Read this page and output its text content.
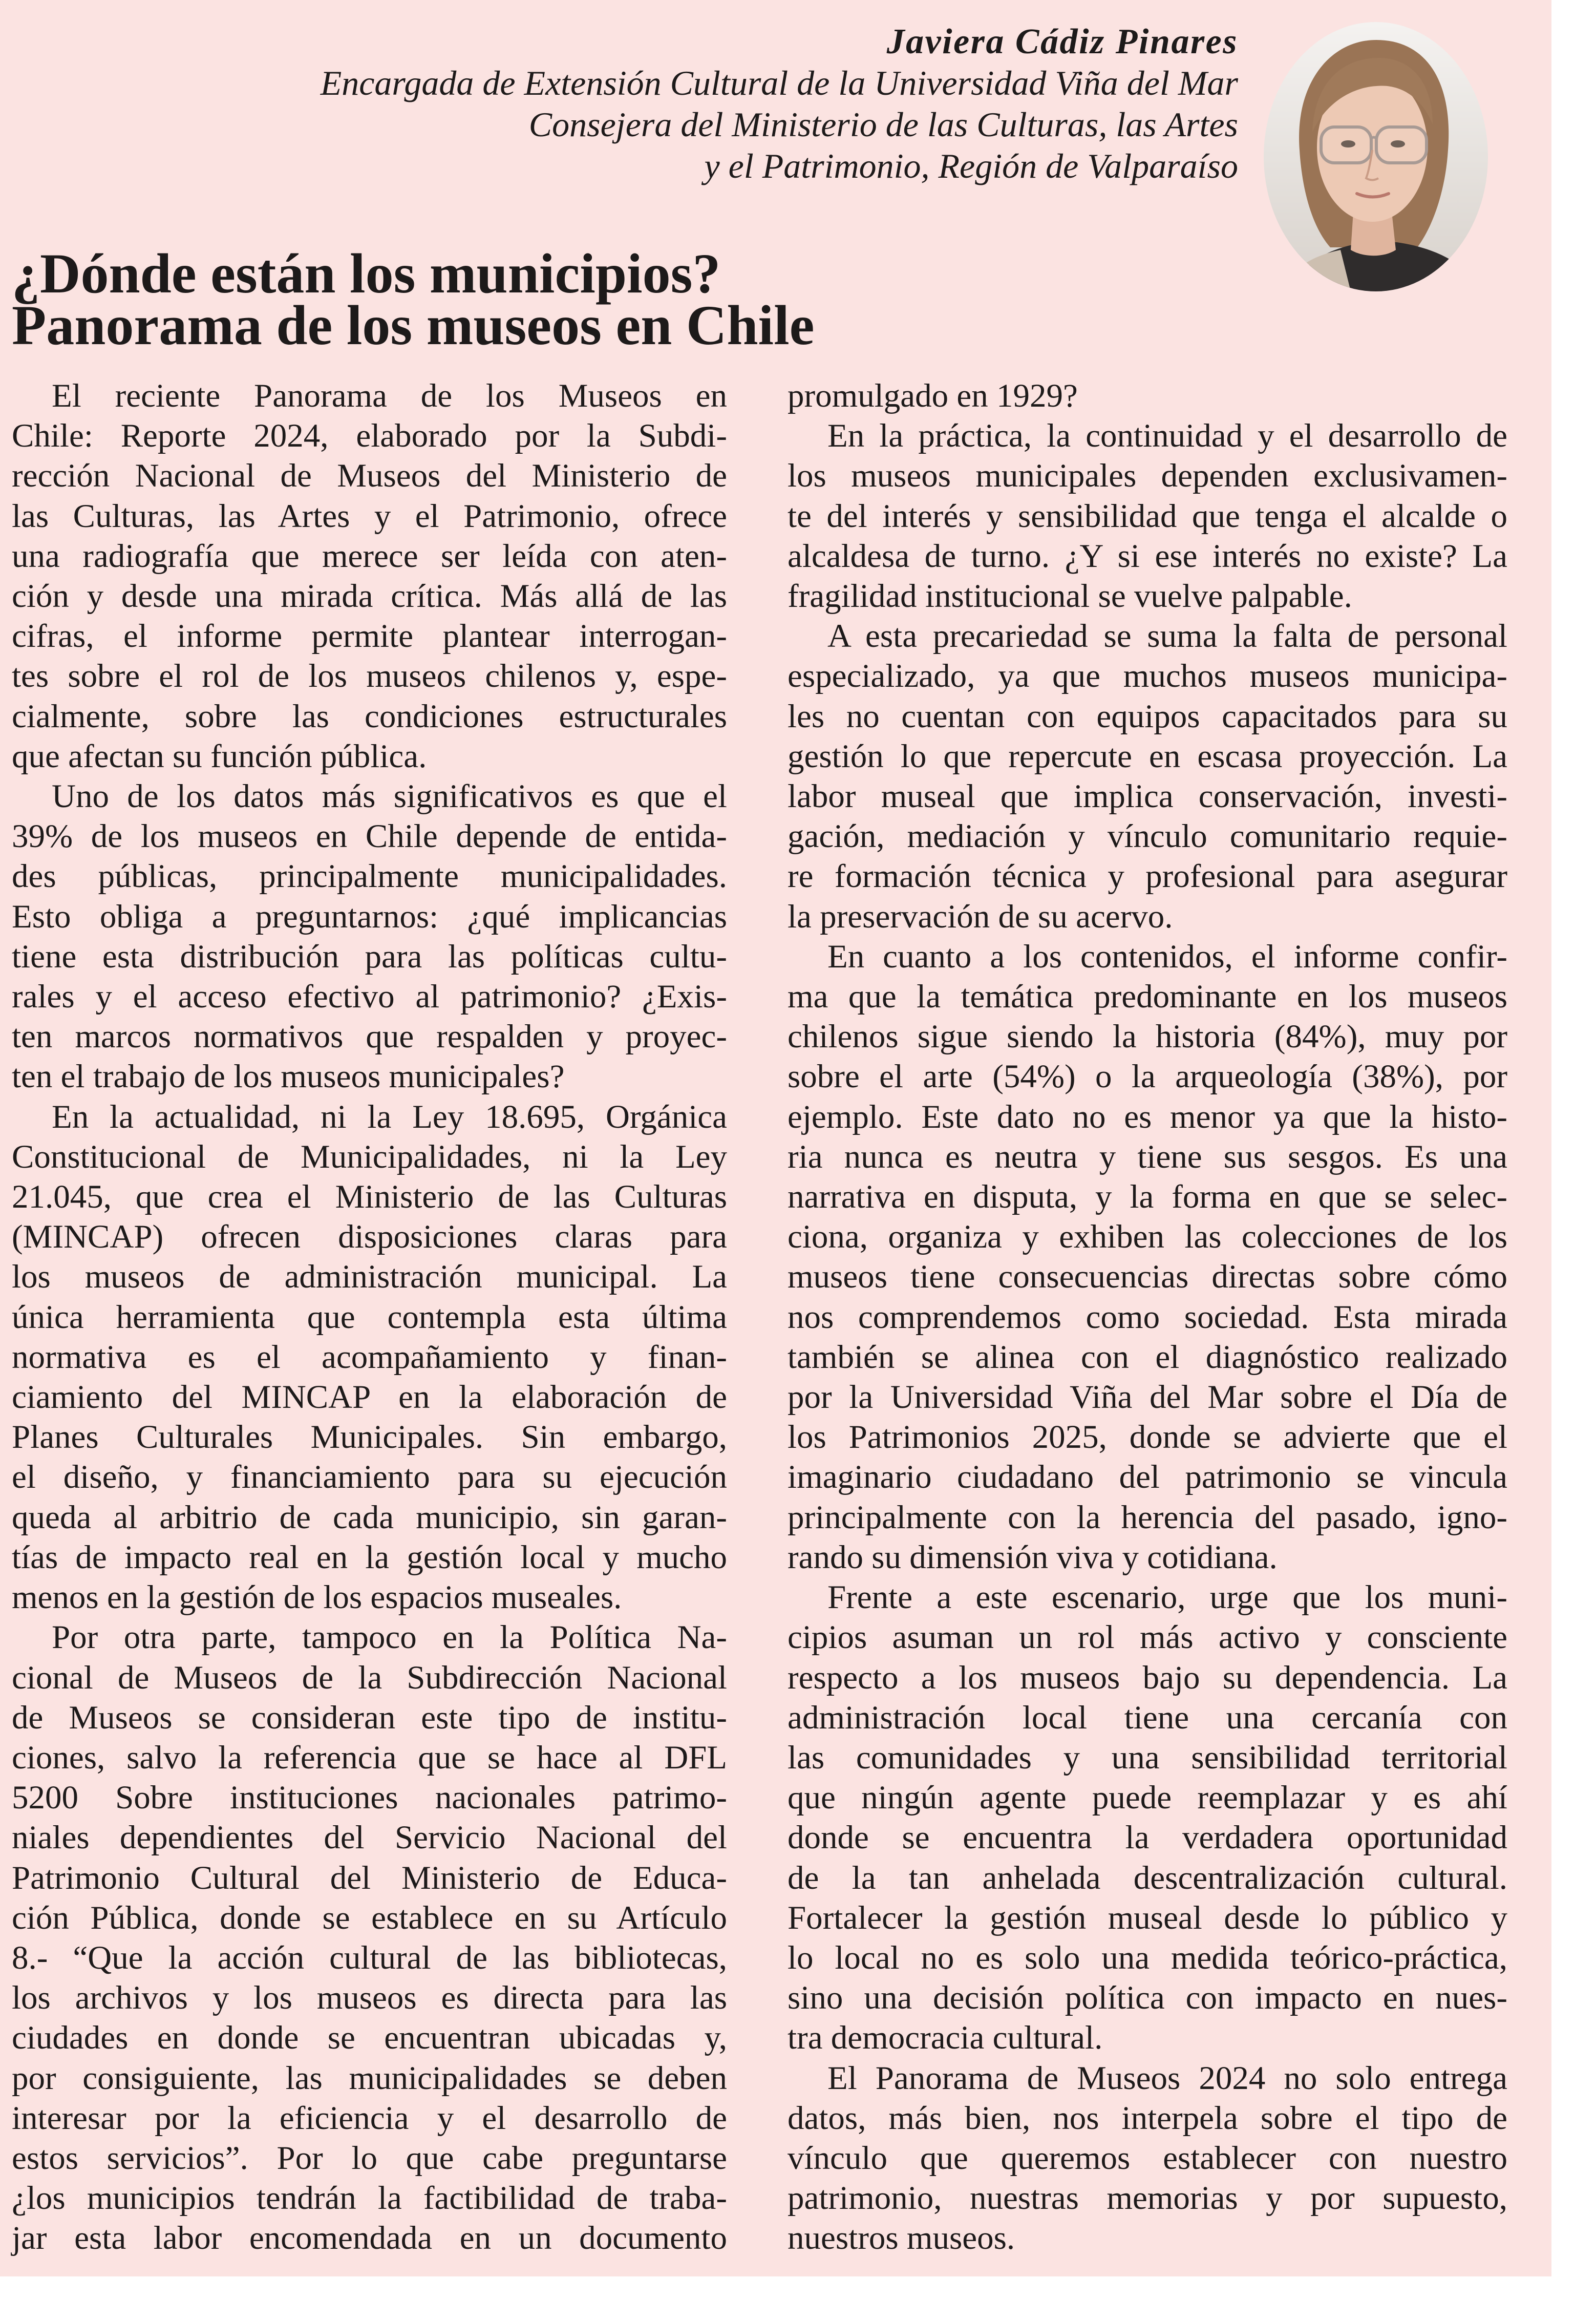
Javiera Cádiz Pinares
Encargada de Extensión Cultural de la Universidad Viña del Mar
Consejera del Ministerio de las Culturas, las Artes
y el Patrimonio, Región de Valparaíso
¿Dónde están los municipios?
Panorama de los museos en Chile
El reciente Panorama de los Museos en
Chile: Reporte 2024, elaborado por la Subdi-
rección Nacional de Museos del Ministerio de
las Culturas, las Artes y el Patrimonio, ofrece
una radiografía que merece ser leída con aten-
ción y desde una mirada crítica. Más allá de las
cifras, el informe permite plantear interrogan-
tes sobre el rol de los museos chilenos y, espe-
cialmente, sobre las condiciones estructurales
que afectan su función pública.
Uno de los datos más significativos es que el
39% de los museos en Chile depende de entida-
des públicas, principalmente municipalidades.
Esto obliga a preguntarnos: ¿qué implicancias
tiene esta distribución para las políticas cultu-
rales y el acceso efectivo al patrimonio? ¿Exis-
ten marcos normativos que respalden y proyec-
ten el trabajo de los museos municipales?
En la actualidad, ni la Ley 18.695, Orgánica
Constitucional de Municipalidades, ni la Ley
21.045, que crea el Ministerio de las Culturas
(MINCAP) ofrecen disposiciones claras para
los museos de administración municipal. La
única herramienta que contempla esta última
normativa es el acompañamiento y finan-
ciamiento del MINCAP en la elaboración de
Planes Culturales Municipales. Sin embargo,
el diseño, y financiamiento para su ejecución
queda al arbitrio de cada municipio, sin garan-
tías de impacto real en la gestión local y mucho
menos en la gestión de los espacios museales.
Por otra parte, tampoco en la Política Na-
cional de Museos de la Subdirección Nacional
de Museos se consideran este tipo de institu-
ciones, salvo la referencia que se hace al DFL
5200 Sobre instituciones nacionales patrimo-
niales dependientes del Servicio Nacional del
Patrimonio Cultural del Ministerio de Educa-
ción Pública, donde se establece en su Artículo
8.- “Que la acción cultural de las bibliotecas,
los archivos y los museos es directa para las
ciudades en donde se encuentran ubicadas y,
por consiguiente, las municipalidades se deben
interesar por la eficiencia y el desarrollo de
estos servicios”. Por lo que cabe preguntarse
¿los municipios tendrán la factibilidad de traba-
jar esta labor encomendada en un documento
promulgado en 1929?
En la práctica, la continuidad y el desarrollo de
los museos municipales dependen exclusivamen-
te del interés y sensibilidad que tenga el alcalde o
alcaldesa de turno. ¿Y si ese interés no existe? La
fragilidad institucional se vuelve palpable.
A esta precariedad se suma la falta de personal
especializado, ya que muchos museos municipa-
les no cuentan con equipos capacitados para su
gestión lo que repercute en escasa proyección. La
labor museal que implica conservación, investi-
gación, mediación y vínculo comunitario requie-
re formación técnica y profesional para asegurar
la preservación de su acervo.
En cuanto a los contenidos, el informe confir-
ma que la temática predominante en los museos
chilenos sigue siendo la historia (84%), muy por
sobre el arte (54%) o la arqueología (38%), por
ejemplo. Este dato no es menor ya que la histo-
ria nunca es neutra y tiene sus sesgos. Es una
narrativa en disputa, y la forma en que se selec-
ciona, organiza y exhiben las colecciones de los
museos tiene consecuencias directas sobre cómo
nos comprendemos como sociedad. Esta mirada
también se alinea con el diagnóstico realizado
por la Universidad Viña del Mar sobre el Día de
los Patrimonios 2025, donde se advierte que el
imaginario ciudadano del patrimonio se vincula
principalmente con la herencia del pasado, igno-
rando su dimensión viva y cotidiana.
Frente a este escenario, urge que los muni-
cipios asuman un rol más activo y consciente
respecto a los museos bajo su dependencia. La
administración local tiene una cercanía con
las comunidades y una sensibilidad territorial
que ningún agente puede reemplazar y es ahí
donde se encuentra la verdadera oportunidad
de la tan anhelada descentralización cultural.
Fortalecer la gestión museal desde lo público y
lo local no es solo una medida teórico-práctica,
sino una decisión política con impacto en nues-
tra democracia cultural.
El Panorama de Museos 2024 no solo entrega
datos, más bien, nos interpela sobre el tipo de
vínculo que queremos establecer con nuestro
patrimonio, nuestras memorias y por supuesto,
nuestros museos.
